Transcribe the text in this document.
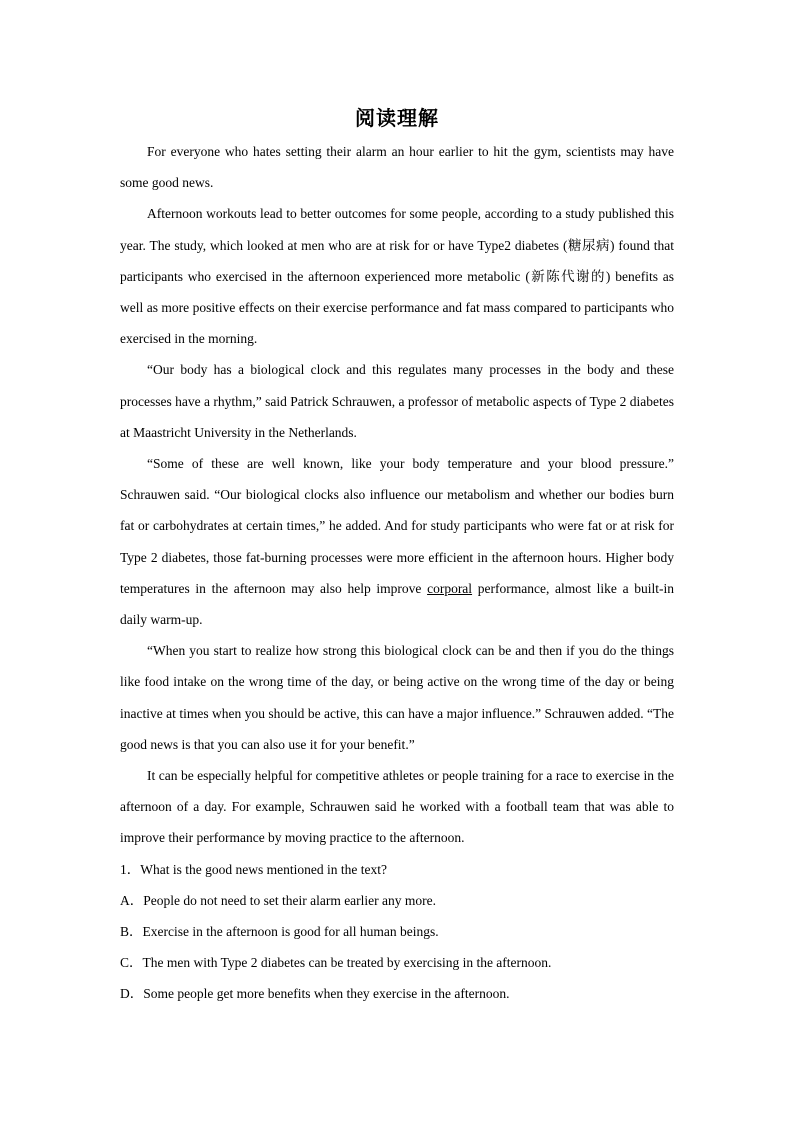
阅读理解

For everyone who hates setting their alarm an hour earlier to hit the gym, scientists may have some good news.

Afternoon workouts lead to better outcomes for some people, according to a study published this year. The study, which looked at men who are at risk for or have Type2 diabetes (糖尿病) found that participants who exercised in the afternoon experienced more metabolic (新陈代谢的) benefits as well as more positive effects on their exercise performance and fat mass compared to participants who exercised in the morning.

“Our body has a biological clock and this regulates many processes in the body and these processes have a rhythm,” said Patrick Schrauwen, a professor of metabolic aspects of Type 2 diabetes at Maastricht University in the Netherlands.

“Some of these are well known, like your body temperature and your blood pressure.” Schrauwen said. “Our biological clocks also influence our metabolism and whether our bodies burn fat or carbohydrates at certain times,” he added. And for study participants who were fat or at risk for Type 2 diabetes, those fat-burning processes were more efficient in the afternoon hours. Higher body temperatures in the afternoon may also help improve corporal performance, almost like a built-in daily warm-up.

“When you start to realize how strong this biological clock can be and then if you do the things like food intake on the wrong time of the day, or being active on the wrong time of the day or being inactive at times when you should be active, this can have a major influence.” Schrauwen added. “The good news is that you can also use it for your benefit.”

It can be especially helpful for competitive athletes or people training for a race to exercise in the afternoon of a day. For example, Schrauwen said he worked with a football team that was able to improve their performance by moving practice to the afternoon.

1．What is the good news mentioned in the text?

A．People do not need to set their alarm earlier any more.

B．Exercise in the afternoon is good for all human beings.

C．The men with Type 2 diabetes can be treated by exercising in the afternoon.

D．Some people get more benefits when they exercise in the afternoon.
